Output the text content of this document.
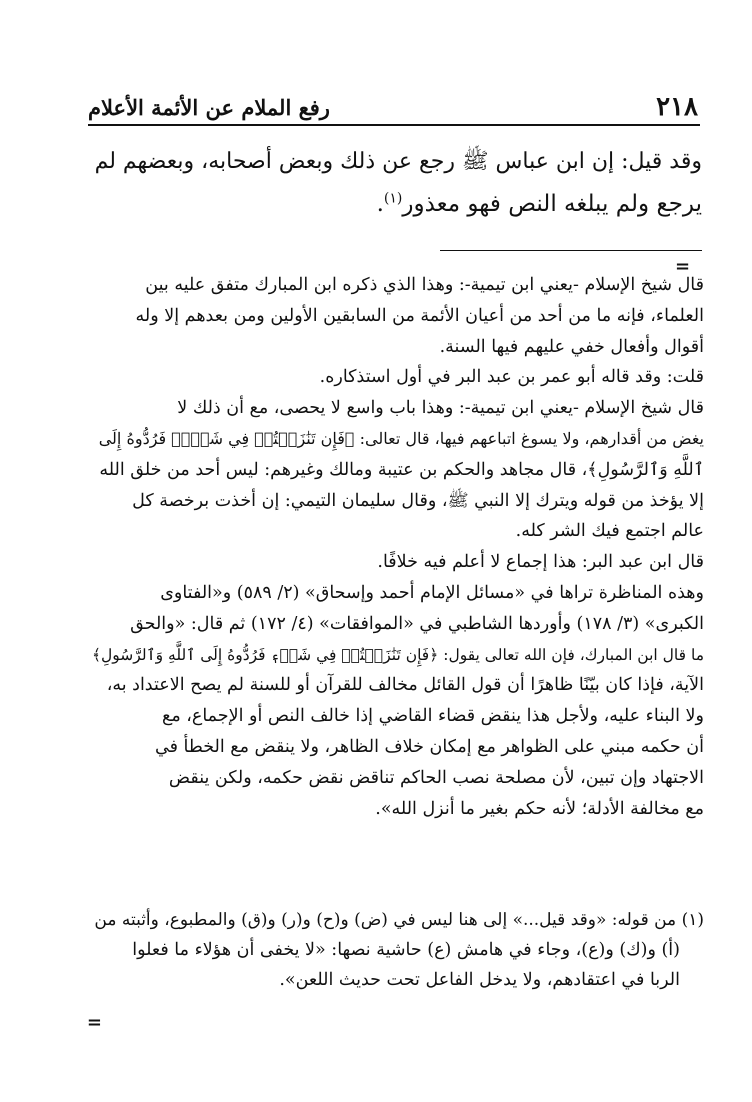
٢١٨
رفع الملام عن الأئمة الأعلام
وقد قيل: إن ابن عباس ﷺ رجع عن ذلك وبعض أصحابه، وبعضهم لم
يرجع ولم يبلغه النص فهو معذور$^{(١)}$.
=
قال شيخ الإسلام -يعني ابن تيمية-: وهذا الذي ذكره ابن المبارك متفق عليه بين
العلماء، فإنه ما من أحد من أعيان الأئمة من السابقين الأولين ومن بعدهم إلا وله
أقوال وأفعال خفي عليهم فيها السنة.
قلت: وقد قاله أبو عمر بن عبد البر في أول استذكاره.
قال شيخ الإسلام -يعني ابن تيمية-: وهذا باب واسع لا يحصى، مع أن ذلك لا
يغض من أقدارهم، ولا يسوغ اتباعهم فيها، قال تعالى: ﴿فَإِن تَنَٰزَعۡتُمۡ فِي شَيۡءٖ فَرُدُّوهُ إِلَى
ٱللَّهِ وَٱلرَّسُولِ﴾، قال مجاهد والحكم بن عتيبة ومالك وغيرهم: ليس أحد من خلق الله
إلا يؤخذ من قوله ويترك إلا النبي ﷺ، وقال سليمان التيمي: إن أخذت برخصة كل
عالم اجتمع فيك الشر كله.
قال ابن عبد البر: هذا إجماع لا أعلم فيه خلافًا.
وهذه المناظرة تراها في «مسائل الإمام أحمد وإسحاق» (٢/ ٥٨٩) و«الفتاوى
الكبرى» (٣/ ١٧٨) وأوردها الشاطبي في «الموافقات» (٤/ ١٧٢) ثم قال: «والحق
ما قال ابن المبارك، فإن الله تعالى يقول: ﴿فَإِن تَنَٰزَعۡتُمۡ فِي شَيۡءٖ فَرُدُّوهُ إِلَى ٱللَّهِ وَٱلرَّسُولِ﴾
الآية، فإذا كان بيّنًا ظاهرًا أن قول القائل مخالف للقرآن أو للسنة لم يصح الاعتداد به،
ولا البناء عليه، ولأجل هذا ينقض قضاء القاضي إذا خالف النص أو الإجماع، مع
أن حكمه مبني على الظواهر مع إمكان خلاف الظاهر، ولا ينقض مع الخطأ في
الاجتهاد وإن تبين، لأن مصلحة نصب الحاكم تناقض نقض حكمه، ولكن ينقض
مع مخالفة الأدلة؛ لأنه حكم بغير ما أنزل الله».
(١) من قوله: «وقد قيل...» إلى هنا ليس في (ض) و(ح) و(ر) و(ق) والمطبوع، وأثبته من
(أ) و(ك) و(ع)، وجاء في هامش (ع) حاشية نصها: «لا يخفى أن هؤلاء ما فعلوا
الربا في اعتقادهم، ولا يدخل الفاعل تحت حديث اللعن».
=
